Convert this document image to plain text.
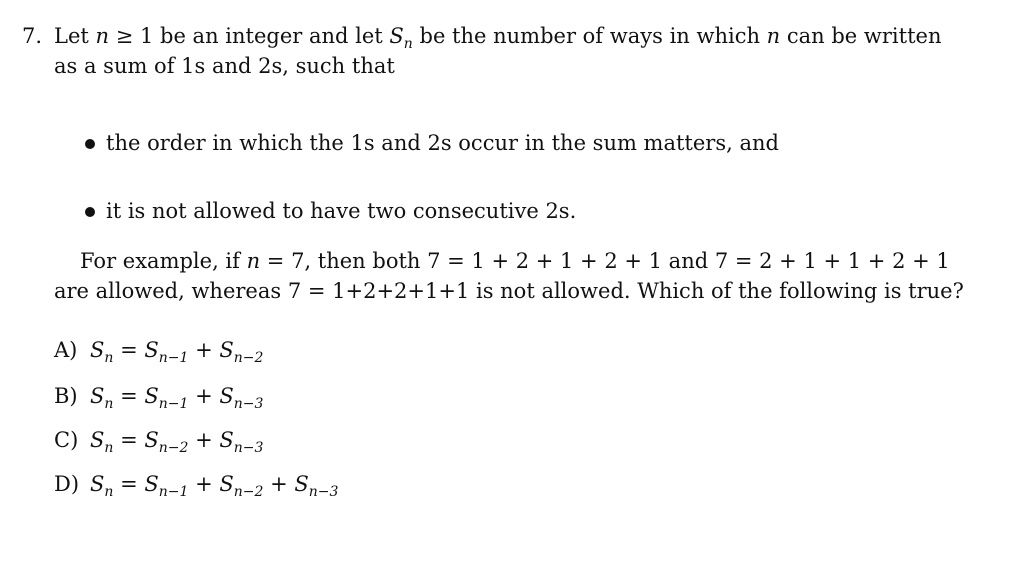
7. Let n ≥ 1 be an integer and let $S_n$ be the number of ways in which n can be written
as a sum of 1s and 2s, such that
the order in which the 1s and 2s occur in the sum matters, and
it is not allowed to have two consecutive 2s.
For example, if n = 7, then both 7 = 1 + 2 + 1 + 2 + 1 and 7 = 2 + 1 + 1 + 2 + 1
are allowed, whereas 7 = 1+2+2+1+1 is not allowed. Which of the following is true?
A) $S_n = S_{n-1} + S_{n-2}$
B) $S_n = S_{n-1} + S_{n-3}$
C) $S_n = S_{n-2} + S_{n-3}$
D) $S_n = S_{n-1} + S_{n-2} + S_{n-3}$
